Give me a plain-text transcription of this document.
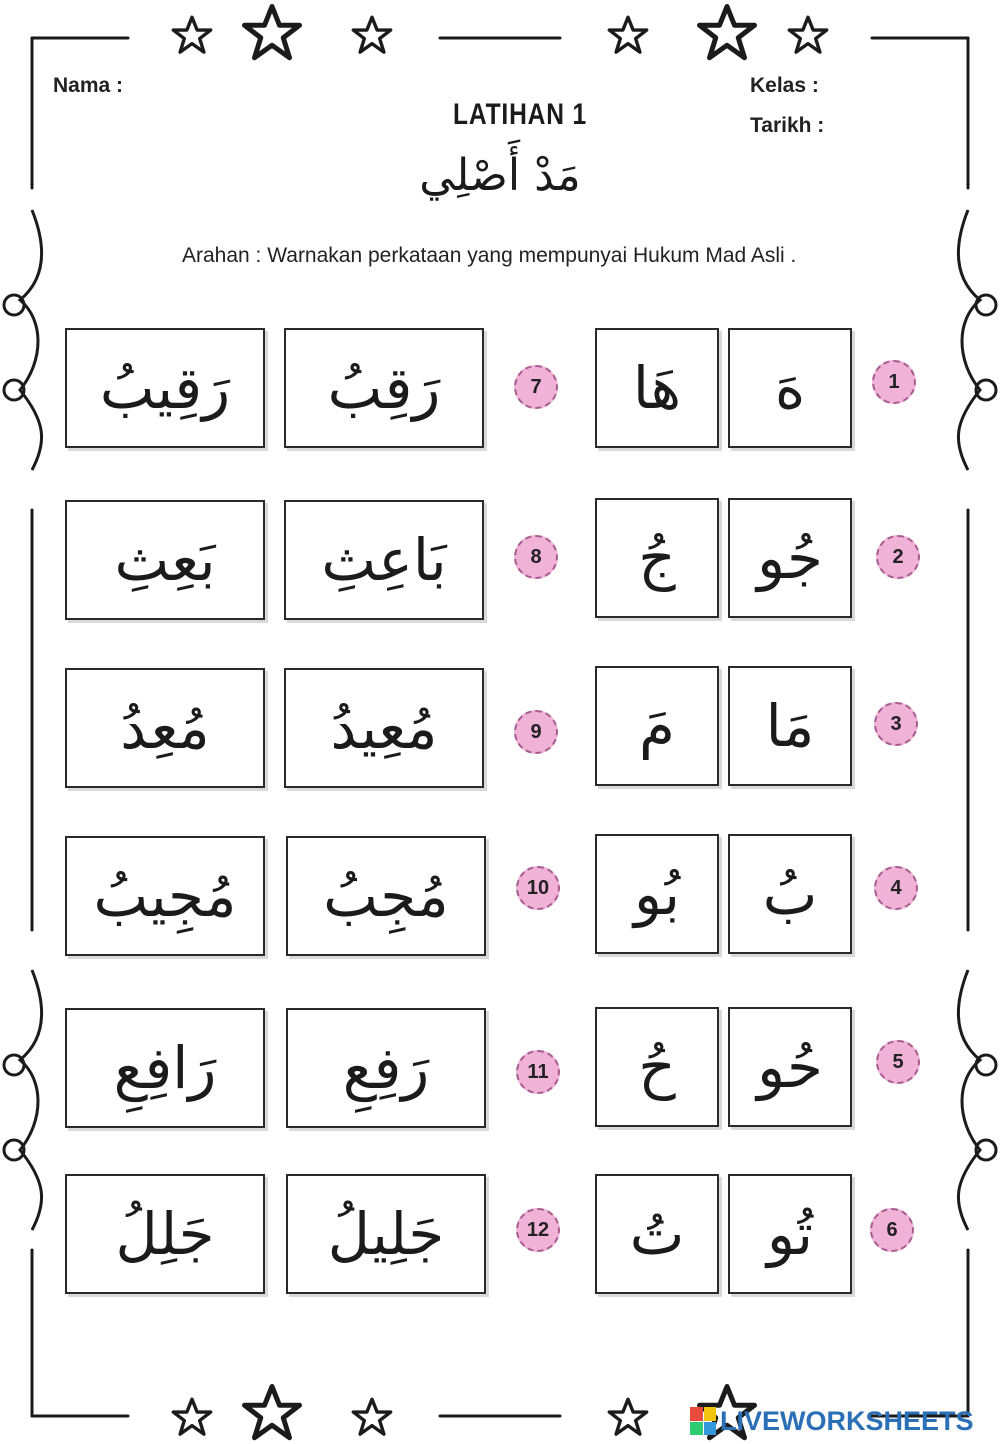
Nama :	Kelas :
Tarikh :
LATIHAN 1
مَدْ أَصْلِي
Arahan : Warnakan perkataan yang mempunyai Hukum Mad Asli .
1
هَ
هَا
2
جُو
جُ
3
مَا
مَ
4
بُ
بُو
5
حُو
حُ
6
تُو
تُ
7
رَقِبُ
رَقِيبُ
8
بَاعِثِ
بَعِثِ
9
مُعِيدُ
مُعِدُ
10
مُجِبُ
مُجِيبُ
11
رَفِعِ
رَافِعِ
12
جَلِيلُ
جَلِلُ
LIVEWORKSHEETS
